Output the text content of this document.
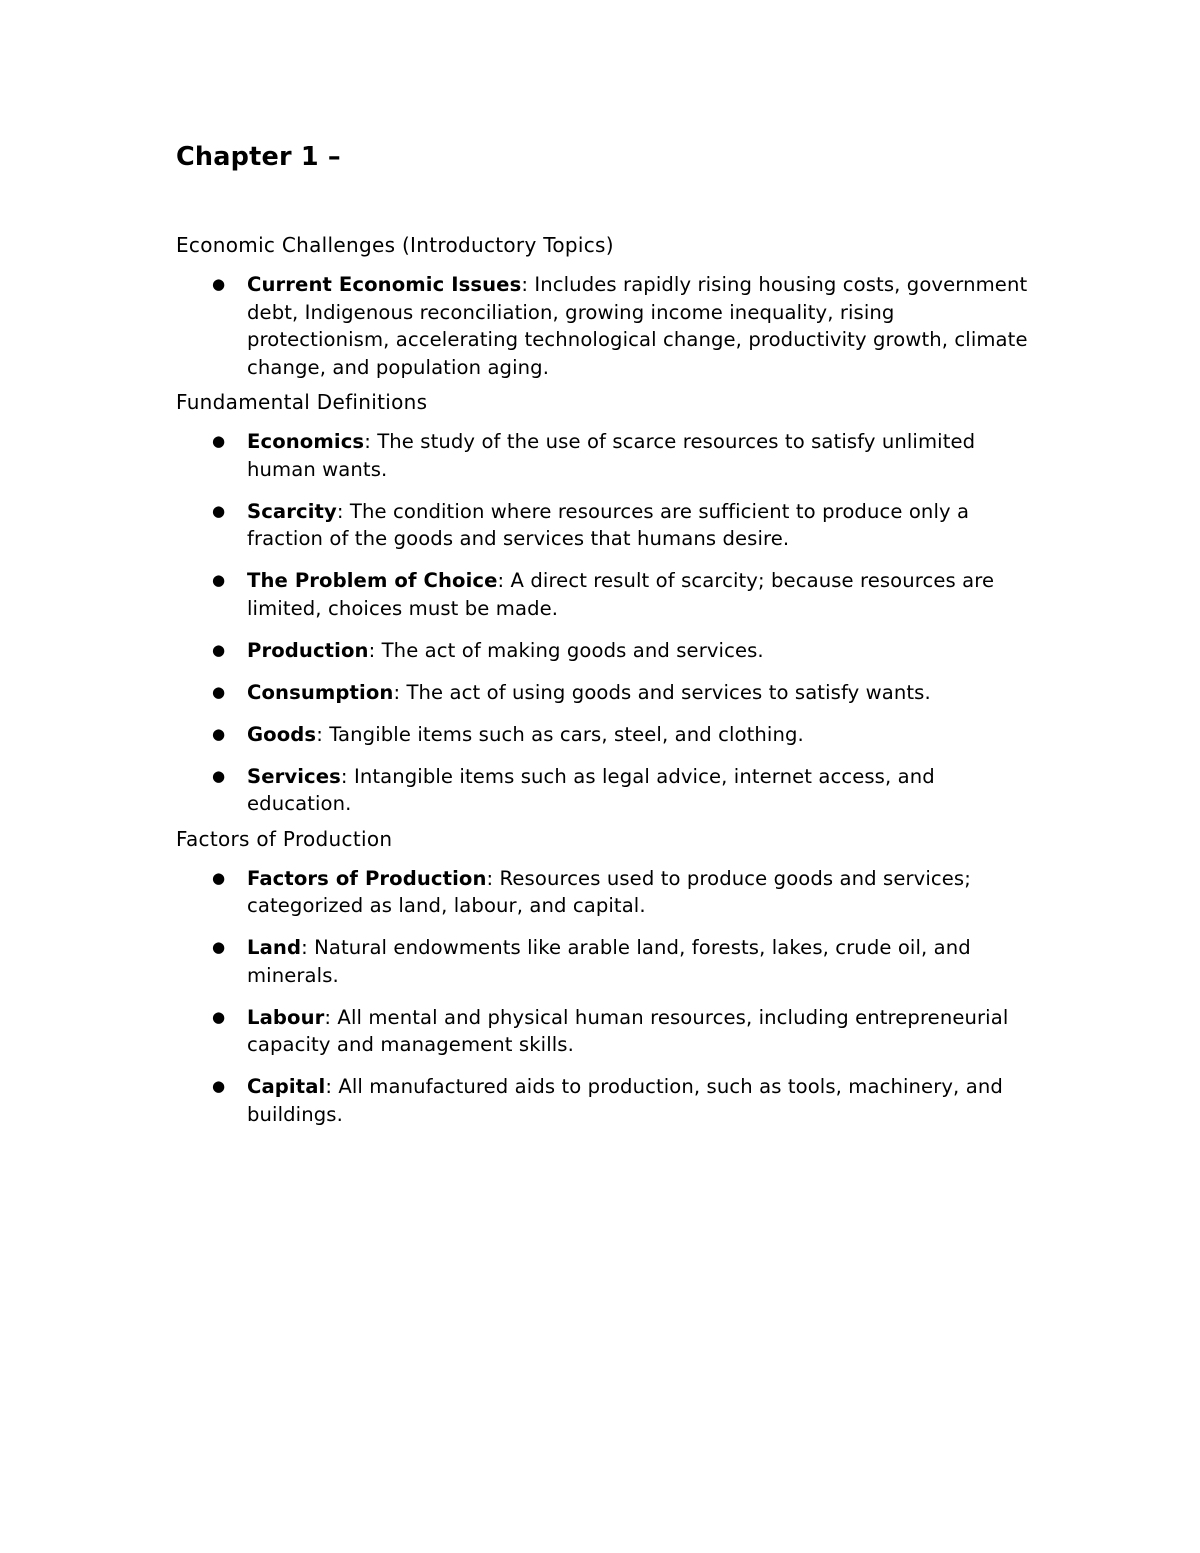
Chapter 1 –
Economic Challenges (Introductory Topics)
● Current Economic Issues: Includes rapidly rising housing costs, government debt, Indigenous reconciliation, growing income inequality, rising protectionism, accelerating technological change, productivity growth, climate change, and population aging.
Fundamental Definitions
● Economics: The study of the use of scarce resources to satisfy unlimited human wants.
● Scarcity: The condition where resources are sufficient to produce only a fraction of the goods and services that humans desire.
● The Problem of Choice: A direct result of scarcity; because resources are limited, choices must be made.
● Production: The act of making goods and services.
● Consumption: The act of using goods and services to satisfy wants.
● Goods: Tangible items such as cars, steel, and clothing.
● Services: Intangible items such as legal advice, internet access, and education.
Factors of Production
● Factors of Production: Resources used to produce goods and services; categorized as land, labour, and capital.
● Land: Natural endowments like arable land, forests, lakes, crude oil, and minerals.
● Labour: All mental and physical human resources, including entrepreneurial capacity and management skills.
● Capital: All manufactured aids to production, such as tools, machinery, and buildings.
